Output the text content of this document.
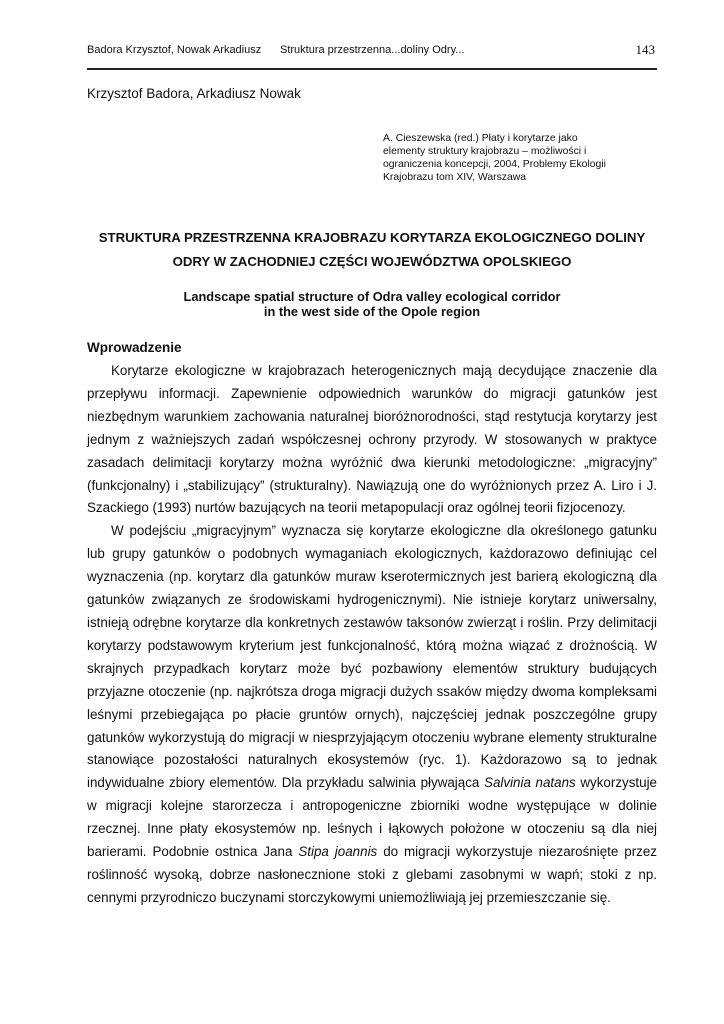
Badora Krzysztof, Nowak Arkadiusz Struktura przestrzenna...doliny Odry...	143
Krzysztof Badora, Arkadiusz Nowak
A. Cieszewska (red.) Płaty i korytarze jako
elementy struktury krajobrazu – możliwości i
ograniczenia koncepcji, 2004, Problemy Ekologii
Krajobrazu tom XIV, Warszawa
STRUKTURA PRZESTRZENNA KRAJOBRAZU KORYTARZA EKOLOGICZNEGO DOLINY
ODRY W ZACHODNIEJ CZĘŚCI WOJEWÓDZTWA OPOLSKIEGO
Landscape spatial structure of Odra valley ecological corridor
in the west side of the Opole region
Wprowadzenie
Korytarze ekologiczne w krajobrazach heterogenicznych mają decydujące znaczenie dla
przepływu informacji. Zapewnienie odpowiednich warunków do migracji gatunków jest
niezbędnym warunkiem zachowania naturalnej bioróżnorodności, stąd restytucja korytarzy jest
jednym z ważniejszych zadań współczesnej ochrony przyrody. W stosowanych w praktyce
zasadach delimitacji korytarzy można wyróżnić dwa kierunki metodologiczne: „migracyjny”
(funkcjonalny) i „stabilizujący” (strukturalny). Nawiązują one do wyróżnionych przez A. Liro i J.
Szackiego (1993) nurtów bazujących na teorii metapopulacji oraz ogólnej teorii fizjocenozy.
W podejściu „migracyjnym” wyznacza się korytarze ekologiczne dla określonego gatunku
lub grupy gatunków o podobnych wymaganiach ekologicznych, każdorazowo definiując cel
wyznaczenia (np. korytarz dla gatunków muraw kserotermicznych jest barierą ekologiczną dla
gatunków związanych ze środowiskami hydrogenicznymi). Nie istnieje korytarz uniwersalny,
istnieją odrębne korytarze dla konkretnych zestawów taksonów zwierząt i roślin. Przy delimitacji
korytarzy podstawowym kryterium jest funkcjonalność, którą można wiązać z drożnością. W
skrajnych przypadkach korytarz może być pozbawiony elementów struktury budujących
przyjazne otoczenie (np. najkrótsza droga migracji dużych ssaków między dwoma kompleksami
leśnymi przebiegająca po płacie gruntów ornych), najczęściej jednak poszczególne grupy
gatunków wykorzystują do migracji w niesprzyjającym otoczeniu wybrane elementy strukturalne
stanowiące pozostałości naturalnych ekosystemów (ryc. 1). Każdorazowo są to jednak
indywidualne zbiory elementów. Dla przykładu salwinia pływająca Salvinia natans wykorzystuje
w migracji kolejne starorzecza i antropogeniczne zbiorniki wodne występujące w dolinie
rzecznej. Inne płaty ekosystemów np. leśnych i łąkowych położone w otoczeniu są dla niej
barierami. Podobnie ostnica Jana Stipa joannis do migracji wykorzystuje niezarośnięte przez
roślinność wysoką, dobrze nasłonecznione stoki z glebami zasobnymi w wapń; stoki z np.
cennymi przyrodniczo buczynami storczykowymi uniemożliwiają jej przemieszczanie się.
